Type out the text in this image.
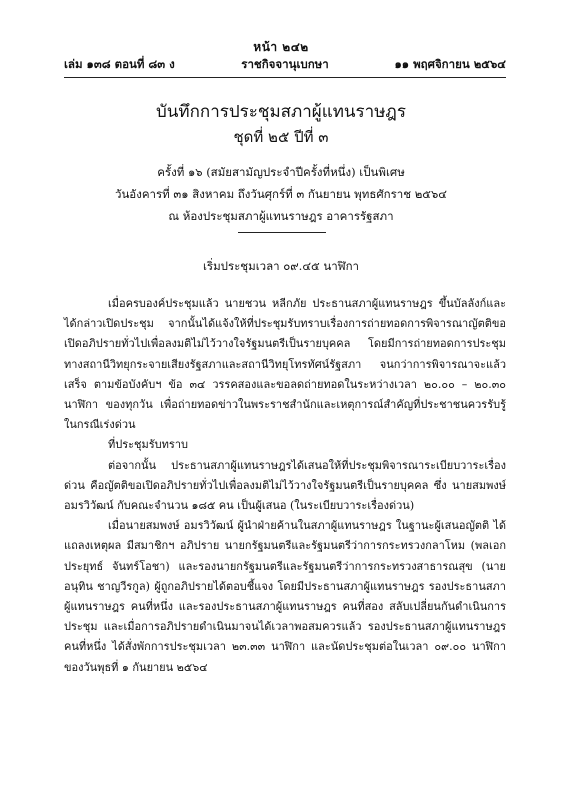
หน้า ๒๔๒
เล่ม ๑๓๘ ตอนที่ ๘๓ ง	ราชกิจจานุเบกษา	๑๑ พฤศจิกายน ๒๕๖๔
บันทึกการประชุมสภาผู้แทนราษฎร
ชุดที่ ๒๕ ปีที่ ๓
ครั้งที่ ๑๖ (สมัยสามัญประจำปีครั้งที่หนึ่ง) เป็นพิเศษ
วันอังคารที่ ๓๑ สิงหาคม ถึงวันศุกร์ที่ ๓ กันยายน พุทธศักราช ๒๕๖๔
ณ ห้องประชุมสภาผู้แทนราษฎร อาคารรัฐสภา
เริ่มประชุมเวลา ๐๙.๔๕ นาฬิกา

เมื่อครบองค์ประชุมแล้ว นายชวน หลีกภัย ประธานสภาผู้แทนราษฎร ขึ้นบัลลังก์และได้กล่าวเปิดประชุม จากนั้นได้แจ้งให้ที่ประชุมรับทราบเรื่องการถ่ายทอดการพิจารณาญัตติขอเปิดอภิปรายทั่วไปเพื่อลงมติไม่ไว้วางใจรัฐมนตรีเป็นรายบุคคล โดยมีการถ่ายทอดการประชุมทางสถานีวิทยุกระจายเสียงรัฐสภาและสถานีวิทยุโทรทัศน์รัฐสภา จนกว่าการพิจารณาจะแล้วเสร็จ ตามข้อบังคับฯ ข้อ ๓๔ วรรคสองและขอลดถ่ายทอดในระหว่างเวลา ๒๐.๐๐ – ๒๐.๓๐ นาฬิกา ของทุกวัน เพื่อถ่ายทอดข่าวในพระราชสำนักและเหตุการณ์สำคัญที่ประชาชนควรรับรู้ในกรณีเร่งด่วน

ที่ประชุมรับทราบ

ต่อจากนั้น ประธานสภาผู้แทนราษฎรได้เสนอให้ที่ประชุมพิจารณาระเบียบวาระเรื่องด่วน คือญัตติขอเปิดอภิปรายทั่วไปเพื่อลงมติไม่ไว้วางใจรัฐมนตรีเป็นรายบุคคล ซึ่ง นายสมพงษ์ อมรวิวัฒน์ กับคณะจำนวน ๑๘๕ คน เป็นผู้เสนอ (ในระเบียบวาระเรื่องด่วน)

เมื่อนายสมพงษ์ อมรวิวัฒน์ ผู้นำฝ่ายค้านในสภาผู้แทนราษฎร ในฐานะผู้เสนอญัตติ ได้แถลงเหตุผล มีสมาชิกฯ อภิปราย นายกรัฐมนตรีและรัฐมนตรีว่าการกระทรวงกลาโหม (พลเอก ประยุทธ์ จันทร์โอชา) และรองนายกรัฐมนตรีและรัฐมนตรีว่าการกระทรวงสาธารณสุข (นายอนุทิน ชาญวีรกูล) ผู้ถูกอภิปรายได้ตอบชี้แจง โดยมีประธานสภาผู้แทนราษฎร รองประธานสภาผู้แทนราษฎร คนที่หนึ่ง และรองประธานสภาผู้แทนราษฎร คนที่สอง สลับเปลี่ยนกันดำเนินการประชุม และเมื่อการอภิปรายดำเนินมาจนได้เวลาพอสมควรแล้ว รองประธานสภาผู้แทนราษฎร คนที่หนึ่ง ได้สั่งพักการประชุมเวลา ๒๓.๓๓ นาฬิกา และนัดประชุมต่อในเวลา ๐๙.๐๐ นาฬิกา ของวันพุธที่ ๑ กันยายน ๒๕๖๔
